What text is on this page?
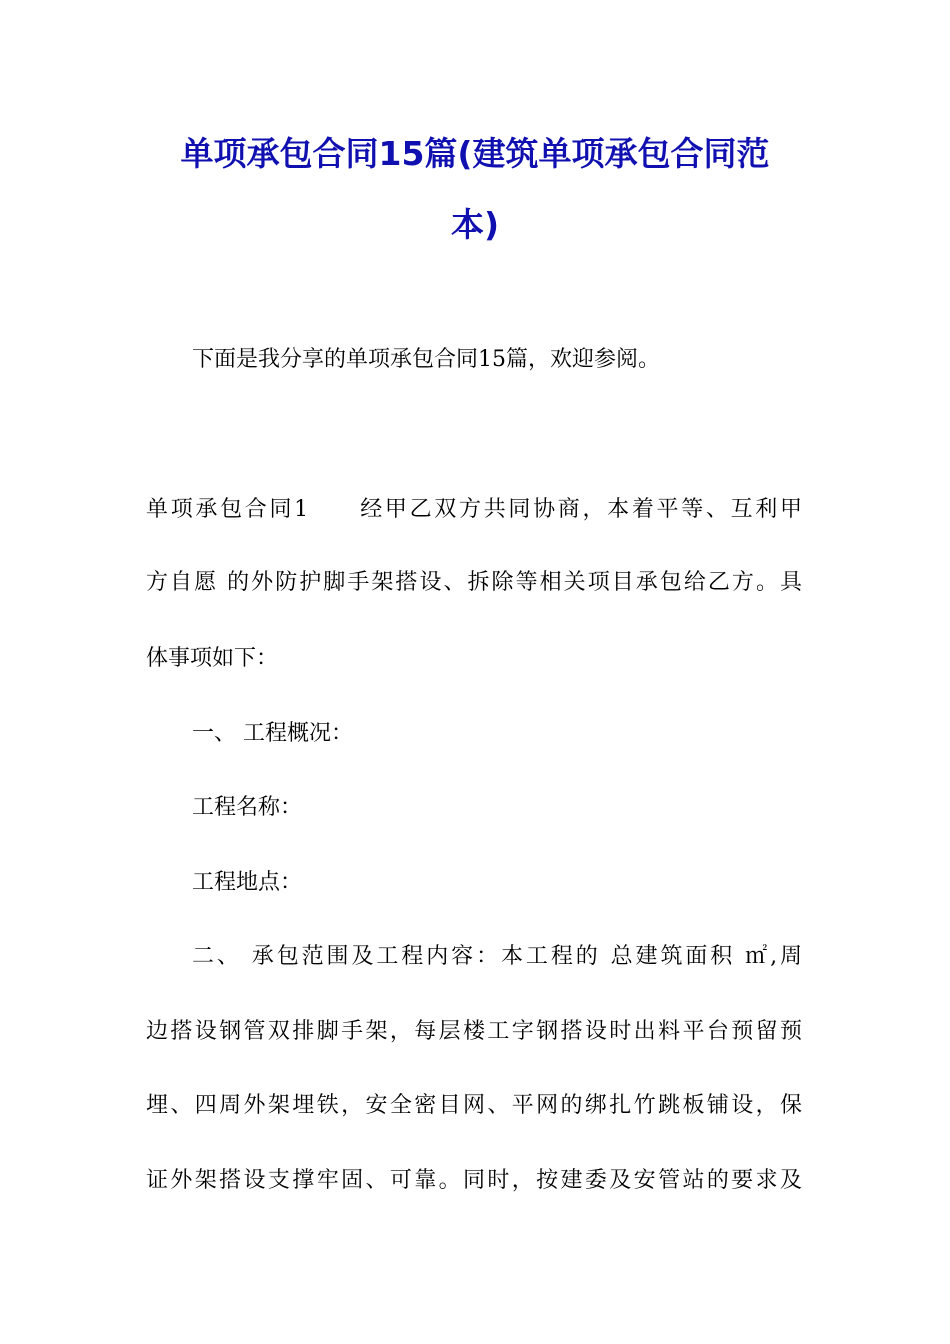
单项承包合同15篇(建筑单项承包合同范
本)

下面是我分享的单项承包合同15篇，欢迎参阅。

单项承包合同1　　经甲乙双方共同协商，本着平等、互利甲

方自愿 的外防护脚手架搭设、拆除等相关项目承包给乙方。具

体事项如下：

一、 工程概况：

工程名称：

工程地点：

二、 承包范围及工程内容：本工程的 总建筑面积 ㎡,周

边搭设钢管双排脚手架，每层楼工字钢搭设时出料平台预留预

埋、四周外架埋铁，安全密目网、平网的绑扎竹跳板铺设，保

证外架搭设支撑牢固、可靠。同时，按建委及安管站的要求及
